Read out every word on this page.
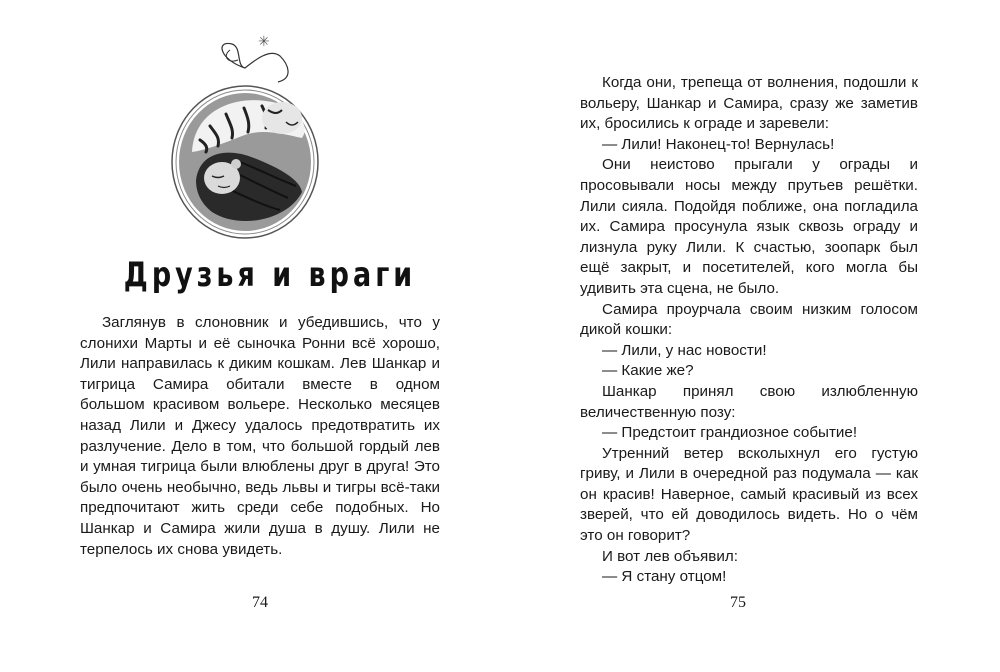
✳
Друзья и враги

Заглянув в слоновник и убедившись, что у слонихи Марты и её сыночка Ронни всё хорошо, Лили направилась к диким кошкам. Лев Шанкар и тигрица Самира обитали вместе в одном большом красивом вольере. Несколько месяцев назад Лили и Джесу удалось предотвратить их разлучение. Дело в том, что большой гордый лев и умная тигрица были влюблены друг в друга! Это было очень необычно, ведь львы и тигры всё-таки предпочитают жить среди себе подобных. Но Шанкар и Самира жили душа в душу. Лили не терпелось их снова увидеть.

74

Когда они, трепеща от волнения, подошли к вольеру, Шанкар и Самира, сразу же заметив их, бросились к ограде и заревели:

— Лили! Наконец-то! Вернулась!

Они неистово прыгали у ограды и просовывали носы между прутьев решётки. Лили сияла. Подойдя поближе, она погладила их. Самира просунула язык сквозь ограду и лизнула руку Лили. К счастью, зоопарк был ещё закрыт, и посетителей, кого могла бы удивить эта сцена, не было.

Самира проурчала своим низким голосом дикой кошки:

— Лили, у нас новости!

— Какие же?

Шанкар принял свою излюбленную величественную позу:

— Предстоит грандиозное событие!

Утренний ветер всколыхнул его густую гриву, и Лили в очередной раз подумала — как он красив! Наверное, самый красивый из всех зверей, что ей доводилось видеть. Но о чём это он говорит?

И вот лев объявил:

— Я стану отцом!

75
